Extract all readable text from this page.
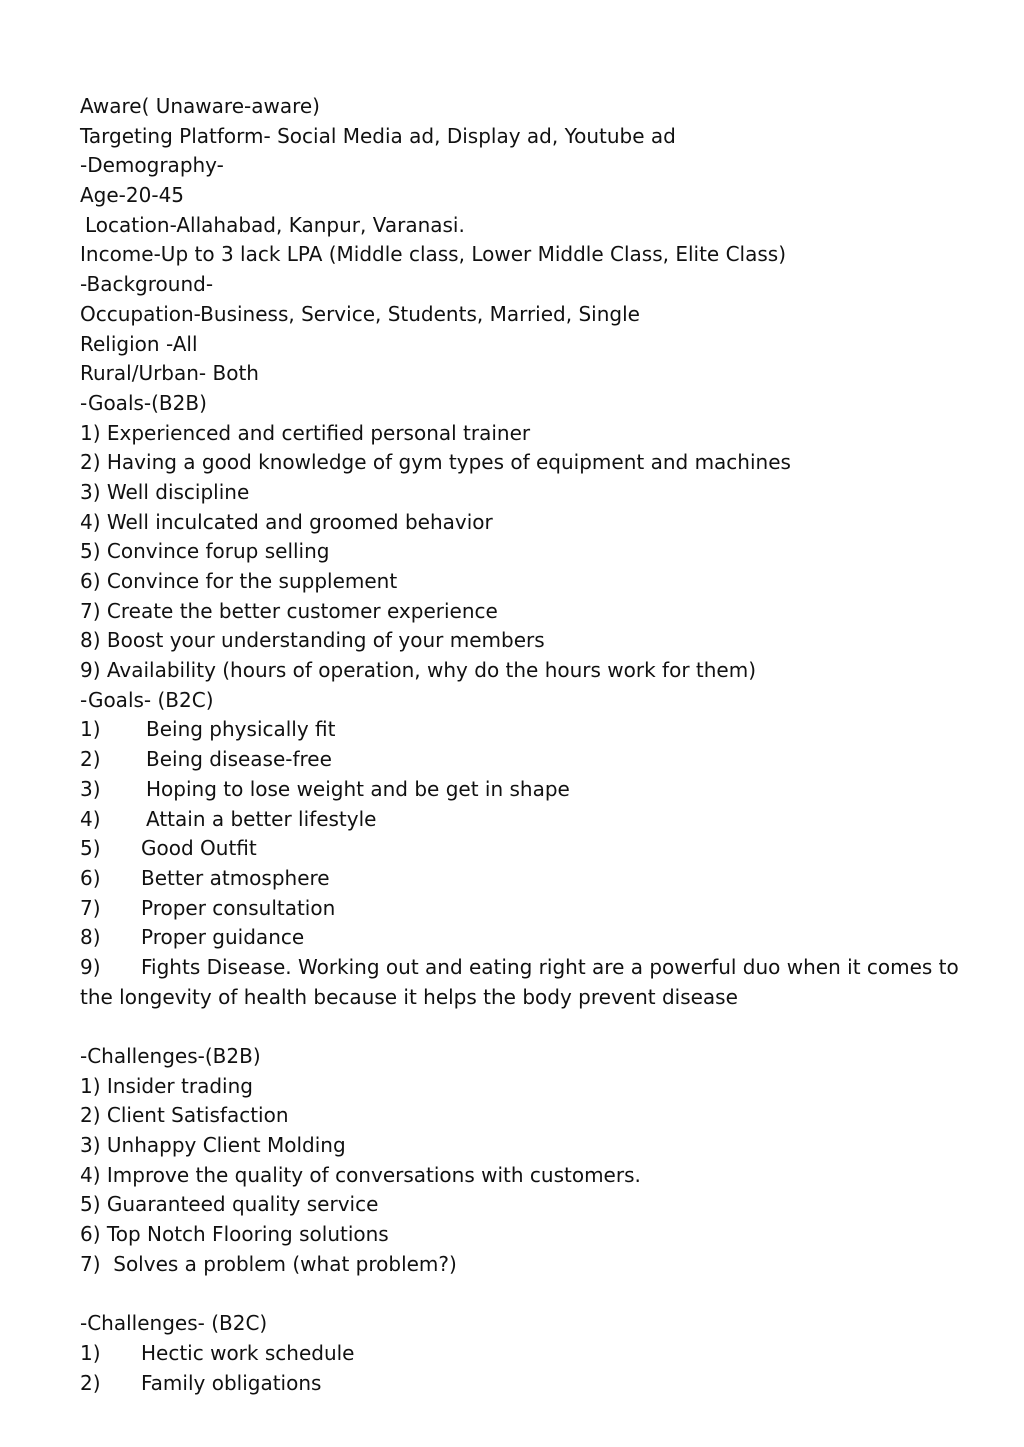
Aware( Unaware-aware)
Targeting Platform- Social Media ad, Display ad, Youtube ad
-Demography-
Age-20-45
Location-Allahabad, Kanpur, Varanasi.
Income-Up to 3 lack LPA (Middle class, Lower Middle Class, Elite Class)
-Background-
Occupation-Business, Service, Students, Married, Single
Religion -All
Rural/Urban- Both
-Goals-(B2B)
1) Experienced and certified personal trainer
2) Having a good knowledge of gym types of equipment and machines
3) Well discipline
4) Well inculcated and groomed behavior
5) Convince forup selling
6) Convince for the supplement
7) Create the better customer experience
8) Boost your understanding of your members
9) Availability (hours of operation, why do the hours work for them)
-Goals- (B2C)
1) Being physically fit
2) Being disease-free
3) Hoping to lose weight and be get in shape
4) Attain a better lifestyle
5) Good Outfit
6) Better atmosphere
7) Proper consultation
8) Proper guidance
9) Fights Disease. Working out and eating right are a powerful duo when it comes to
the longevity of health because it helps the body prevent disease
-Challenges-(B2B)
1) Insider trading
2) Client Satisfaction
3) Unhappy Client Molding
4) Improve the quality of conversations with customers.
5) Guaranteed quality service
6) Top Notch Flooring solutions
7)  Solves a problem (what problem?)
-Challenges- (B2C)
1) Hectic work schedule
2) Family obligations
